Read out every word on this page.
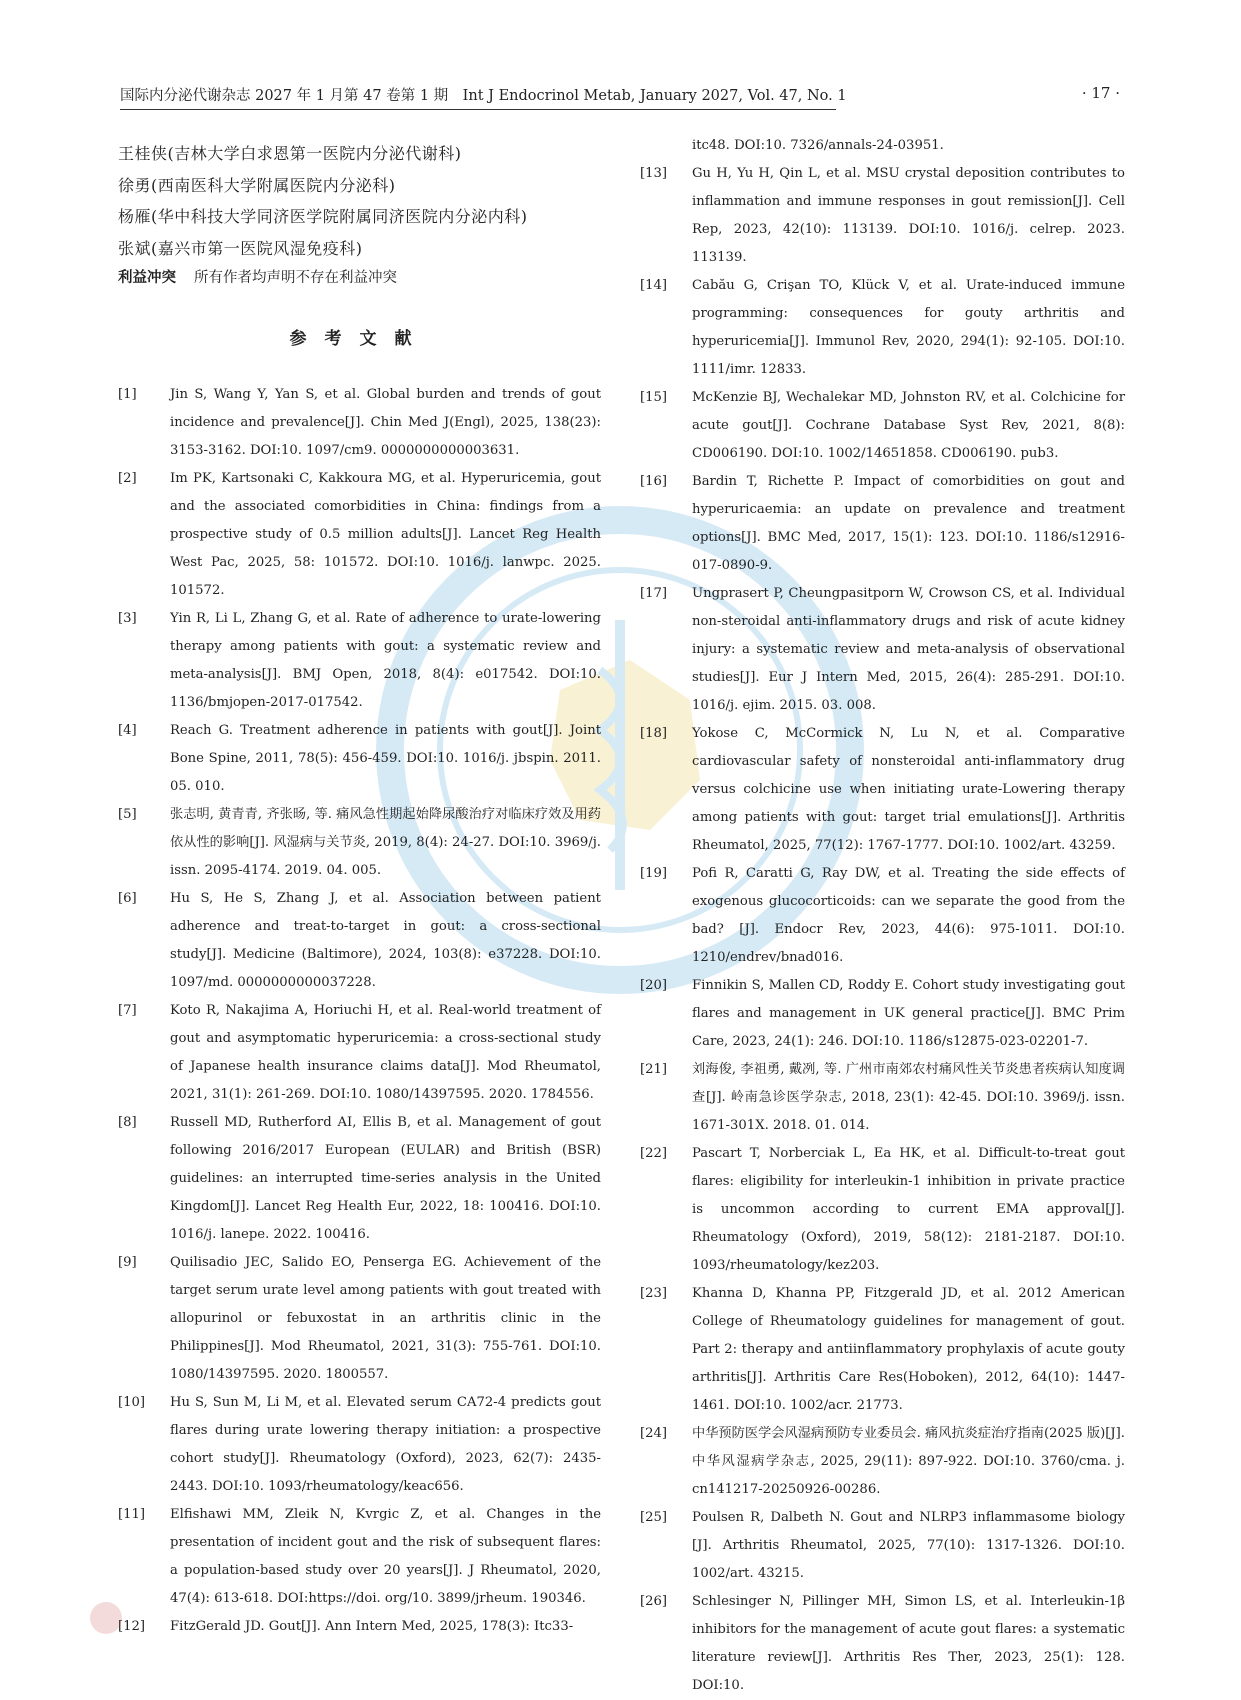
国际内分泌代谢杂志 2027 年 1 月第 47 卷第 1 期　Int J Endocrinol Metab, January 2027, Vol. 47, No. 1	· 17 ·
王桂侠(吉林大学白求恩第一医院内分泌代谢科)
徐勇(西南医科大学附属医院内分泌科)
杨雁(华中科技大学同济医学院附属同济医院内分泌内科)
张斌(嘉兴市第一医院风湿免疫科)
利益冲突 所有作者均声明不存在利益冲突
参考文献
[1]	Jin S, Wang Y, Yan S, et al. Global burden and trends of gout incidence and prevalence[J]. Chin Med J(Engl), 2025, 138(23): 3153-3162. DOI:10. 1097/cm9. 0000000000003631.
[2]	Im PK, Kartsonaki C, Kakkoura MG, et al. Hyperuricemia, gout and the associated comorbidities in China: findings from a prospective study of 0.5 million adults[J]. Lancet Reg Health West Pac, 2025, 58: 101572. DOI:10. 1016/j. lanwpc. 2025. 101572.
[3]	Yin R, Li L, Zhang G, et al. Rate of adherence to urate-lowering therapy among patients with gout: a systematic review and meta-analysis[J]. BMJ Open, 2018, 8(4): e017542. DOI:10. 1136/bmjopen-2017-017542.
[4]	Reach G. Treatment adherence in patients with gout[J]. Joint Bone Spine, 2011, 78(5): 456-459. DOI:10. 1016/j. jbspin. 2011. 05. 010.
[5]	张志明, 黄青青, 齐张旸, 等. 痛风急性期起始降尿酸治疗对临床疗效及用药依从性的影响[J]. 风湿病与关节炎, 2019, 8(4): 24-27. DOI:10. 3969/j. issn. 2095-4174. 2019. 04. 005.
[6]	Hu S, He S, Zhang J, et al. Association between patient adherence and treat-to-target in gout: a cross-sectional study[J]. Medicine (Baltimore), 2024, 103(8): e37228. DOI:10. 1097/md. 0000000000037228.
[7]	Koto R, Nakajima A, Horiuchi H, et al. Real-world treatment of gout and asymptomatic hyperuricemia: a cross-sectional study of Japanese health insurance claims data[J]. Mod Rheumatol, 2021, 31(1): 261-269. DOI:10. 1080/14397595. 2020. 1784556.
[8]	Russell MD, Rutherford AI, Ellis B, et al. Management of gout following 2016/2017 European (EULAR) and British (BSR) guidelines: an interrupted time-series analysis in the United Kingdom[J]. Lancet Reg Health Eur, 2022, 18: 100416. DOI:10. 1016/j. lanepe. 2022. 100416.
[9]	Quilisadio JEC, Salido EO, Penserga EG. Achievement of the target serum urate level among patients with gout treated with allopurinol or febuxostat in an arthritis clinic in the Philippines[J]. Mod Rheumatol, 2021, 31(3): 755-761. DOI:10. 1080/14397595. 2020. 1800557.
[10]	Hu S, Sun M, Li M, et al. Elevated serum CA72-4 predicts gout flares during urate lowering therapy initiation: a prospective cohort study[J]. Rheumatology (Oxford), 2023, 62(7): 2435-2443. DOI:10. 1093/rheumatology/keac656.
[11]	Elfishawi MM, Zleik N, Kvrgic Z, et al. Changes in the presentation of incident gout and the risk of subsequent flares: a population-based study over 20 years[J]. J Rheumatol, 2020, 47(4): 613-618. DOI:https://doi. org/10. 3899/jrheum. 190346.
[12]	FitzGerald JD. Gout[J]. Ann Intern Med, 2025, 178(3): Itc33-
itc48. DOI:10. 7326/annals-24-03951.
[13]	Gu H, Yu H, Qin L, et al. MSU crystal deposition contributes to inflammation and immune responses in gout remission[J]. Cell Rep, 2023, 42(10): 113139. DOI:10. 1016/j. celrep. 2023. 113139.
[14]	Cabău G, Crişan TO, Klück V, et al. Urate-induced immune programming: consequences for gouty arthritis and hyperuricemia[J]. Immunol Rev, 2020, 294(1): 92-105. DOI:10. 1111/imr. 12833.
[15]	McKenzie BJ, Wechalekar MD, Johnston RV, et al. Colchicine for acute gout[J]. Cochrane Database Syst Rev, 2021, 8(8): CD006190. DOI:10. 1002/14651858. CD006190. pub3.
[16]	Bardin T, Richette P. Impact of comorbidities on gout and hyperuricaemia: an update on prevalence and treatment options[J]. BMC Med, 2017, 15(1): 123. DOI:10. 1186/s12916-017-0890-9.
[17]	Ungprasert P, Cheungpasitporn W, Crowson CS, et al. Individual non-steroidal anti-inflammatory drugs and risk of acute kidney injury: a systematic review and meta-analysis of observational studies[J]. Eur J Intern Med, 2015, 26(4): 285-291. DOI:10. 1016/j. ejim. 2015. 03. 008.
[18]	Yokose C, McCormick N, Lu N, et al. Comparative cardiovascular safety of nonsteroidal anti-inflammatory drug versus colchicine use when initiating urate-Lowering therapy among patients with gout: target trial emulations[J]. Arthritis Rheumatol, 2025, 77(12): 1767-1777. DOI:10. 1002/art. 43259.
[19]	Pofi R, Caratti G, Ray DW, et al. Treating the side effects of exogenous glucocorticoids: can we separate the good from the bad? [J]. Endocr Rev, 2023, 44(6): 975-1011. DOI:10. 1210/endrev/bnad016.
[20]	Finnikin S, Mallen CD, Roddy E. Cohort study investigating gout flares and management in UK general practice[J]. BMC Prim Care, 2023, 24(1): 246. DOI:10. 1186/s12875-023-02201-7.
[21]	刘海俊, 李祖勇, 戴冽, 等. 广州市南郊农村痛风性关节炎患者疾病认知度调查[J]. 岭南急诊医学杂志, 2018, 23(1): 42-45. DOI:10. 3969/j. issn. 1671-301X. 2018. 01. 014.
[22]	Pascart T, Norberciak L, Ea HK, et al. Difficult-to-treat gout flares: eligibility for interleukin-1 inhibition in private practice is uncommon according to current EMA approval[J]. Rheumatology (Oxford), 2019, 58(12): 2181-2187. DOI:10. 1093/rheumatology/kez203.
[23]	Khanna D, Khanna PP, Fitzgerald JD, et al. 2012 American College of Rheumatology guidelines for management of gout. Part 2: therapy and antiinflammatory prophylaxis of acute gouty arthritis[J]. Arthritis Care Res(Hoboken), 2012, 64(10): 1447-1461. DOI:10. 1002/acr. 21773.
[24]	中华预防医学会风湿病预防专业委员会. 痛风抗炎症治疗指南(2025 版)[J]. 中华风湿病学杂志, 2025, 29(11): 897-922. DOI:10. 3760/cma. j. cn141217-20250926-00286.
[25]	Poulsen R, Dalbeth N. Gout and NLRP3 inflammasome biology [J]. Arthritis Rheumatol, 2025, 77(10): 1317-1326. DOI:10. 1002/art. 43215.
[26]	Schlesinger N, Pillinger MH, Simon LS, et al. Interleukin-1β inhibitors for the management of acute gout flares: a systematic literature review[J]. Arthritis Res Ther, 2023, 25(1): 128. DOI:10.
